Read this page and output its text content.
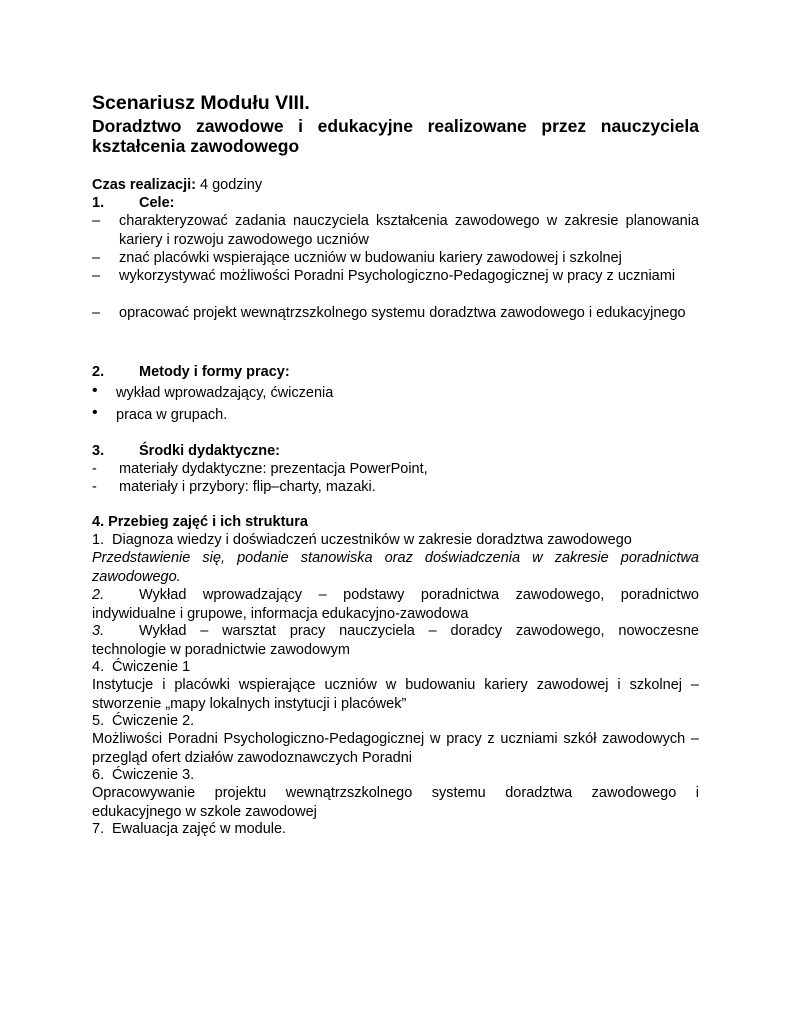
Scenariusz Modułu VIII.
Doradztwo zawodowe i edukacyjne realizowane przez nauczyciela kształcenia zawodowego
Czas realizacji: 4 godziny
1. Cele:
– charakteryzować zadania nauczyciela kształcenia zawodowego w zakresie planowania kariery i rozwoju zawodowego uczniów
– znać placówki wspierające uczniów w budowaniu kariery zawodowej i szkolnej
– wykorzystywać możliwości Poradni Psychologiczno-Pedagogicznej w pracy z uczniami
– opracować projekt wewnątrzszkolnego systemu doradztwa zawodowego i edukacyjnego
2. Metody i formy pracy:
• wykład wprowadzający, ćwiczenia
• praca w grupach.
3. Środki dydaktyczne:
- materiały dydaktyczne: prezentacja PowerPoint,
- materiały i przybory: flip–charty, mazaki.
4. Przebieg zajęć i ich struktura
1. Diagnoza wiedzy i doświadczeń uczestników w zakresie doradztwa zawodowego
Przedstawienie się, podanie stanowiska oraz doświadczenia w zakresie poradnictwa zawodowego.
2. Wykład wprowadzający – podstawy poradnictwa zawodowego, poradnictwo indywidualne i grupowe, informacja edukacyjno-zawodowa
3. Wykład – warsztat pracy nauczyciela – doradcy zawodowego, nowoczesne technologie w poradnictwie zawodowym
4. Ćwiczenie 1
Instytucje i placówki wspierające uczniów w budowaniu kariery zawodowej i szkolnej – stworzenie „mapy lokalnych instytucji i placówek”
5. Ćwiczenie 2.
Możliwości Poradni Psychologiczno-Pedagogicznej w pracy z uczniami szkół zawodowych – przegląd ofert działów zawodoznawczych Poradni
6. Ćwiczenie 3.
Opracowywanie projektu wewnątrzszkolnego systemu doradztwa zawodowego i edukacyjnego w szkole zawodowej
7. Ewaluacja zajęć w module.
